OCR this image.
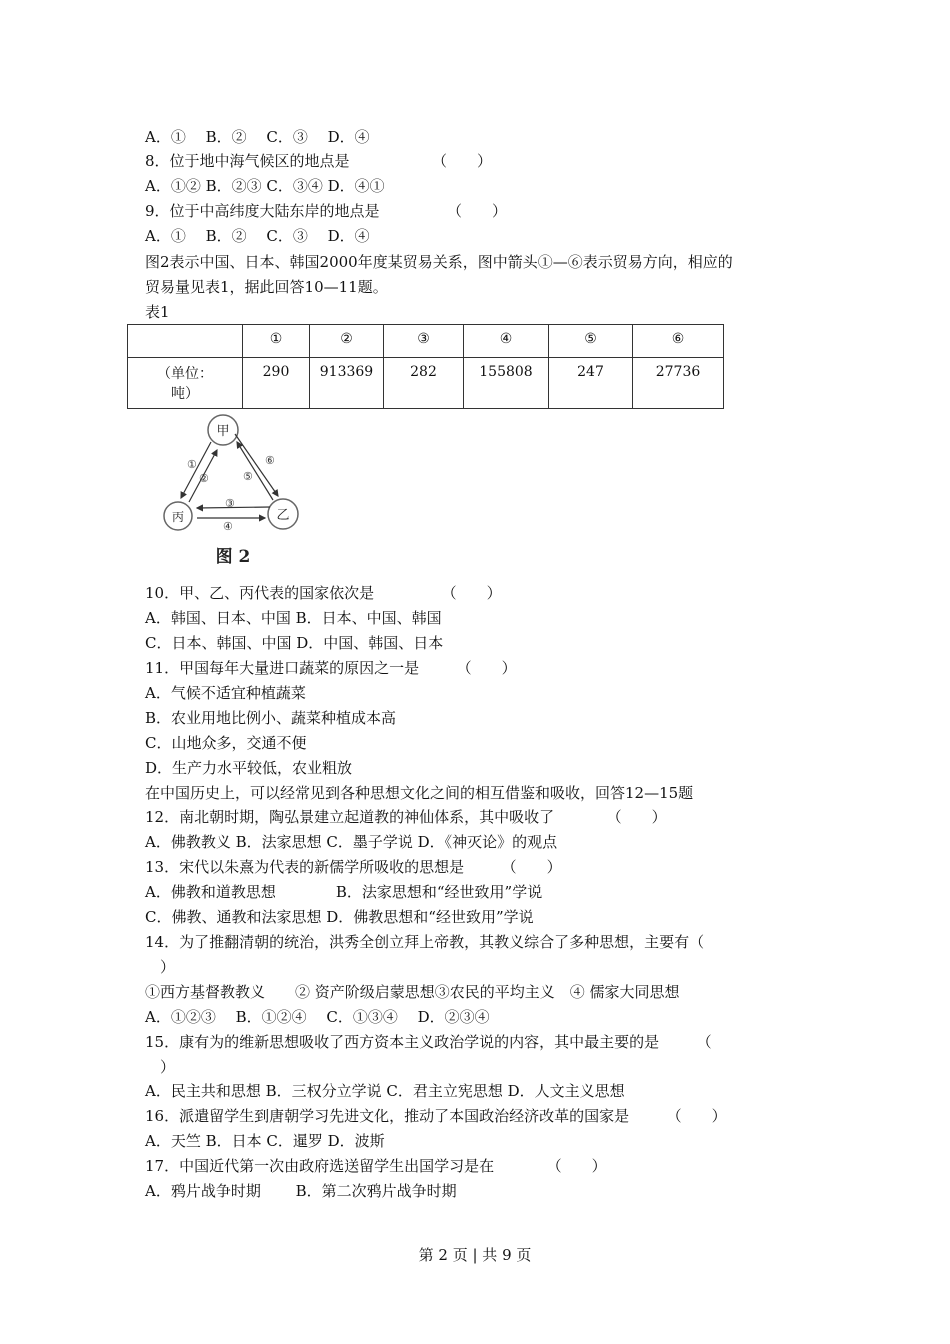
A．①　 B．②　 C．③　 D．④
8．位于地中海气候区的地点是　　　　　　（　　）
A．①② B．②③ C．③④ D．④①
9．位于中高纬度大陆东岸的地点是　　　　　（　　）
A．①　 B．②　 C．③　 D．④
图2表示中国、日本、韩国2000年度某贸易关系，图中箭头①—⑥表示贸易方向，相应的
贸易量见表1，据此回答10—11题。
表1
	①	②	③	④	⑤	⑥

（单位：吨）	290	913369	282	155808	247	27736
甲
乙
丙
①
②
③
④
⑤
⑥
图 2
10．甲、乙、丙代表的国家依次是　　　　　（　　）
A．韩国、日本、中国 B．日本、中国、韩国
C．日本、韩国、中国 D．中国、韩国、日本
11．甲国每年大量进口蔬菜的原因之一是　　　（　　）
A．气候不适宜种植蔬菜
B．农业用地比例小、蔬菜种植成本高
C．山地众多，交通不便
D．生产力水平较低，农业粗放
在中国历史上，可以经常见到各种思想文化之间的相互借鉴和吸收，回答12—15题
12．南北朝时期，陶弘景建立起道教的神仙体系，其中吸收了　　　　（　　）
A．佛教教义 B．法家思想 C．墨子学说 D．《神灭论》的观点
13．宋代以朱熹为代表的新儒学所吸收的思想是　　　（　　）
A．佛教和道教思想　　　　B．法家思想和“经世致用”学说
C．佛教、通教和法家思想 D．佛教思想和“经世致用”学说
14．为了推翻清朝的统治，洪秀全创立拜上帝教，其教义综合了多种思想，主要有（
　）
①西方基督教教义　　② 资产阶级启蒙思想③农民的平均主义　④ 儒家大同思想
A．①②③　 B．①②④　 C．①③④　 D．②③④
15．康有为的维新思想吸收了西方资本主义政治学说的内容，其中最主要的是　　　（
　）
A．民主共和思想 B．三权分立学说 C．君主立宪思想 D．人文主义思想
16．派遣留学生到唐朝学习先进文化，推动了本国政治经济改革的国家是　　　（　　）
A．天竺 B．日本 C．暹罗 D．波斯
17．中国近代第一次由政府选送留学生出国学习是在　　　　（　　）
A．鸦片战争时期　　 B．第二次鸦片战争时期
第 2 页 | 共 9 页
